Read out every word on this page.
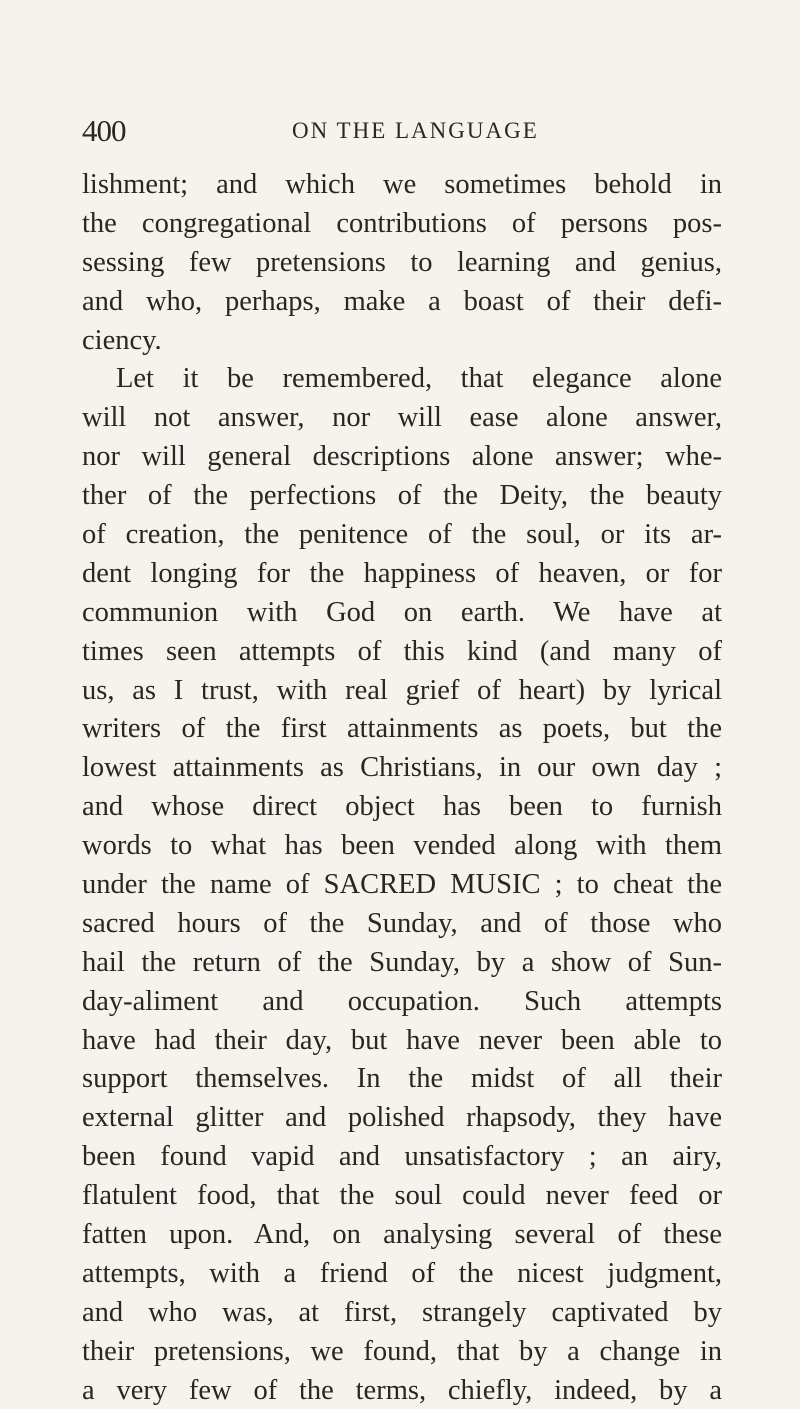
400	ON THE LANGUAGE
lishment; and which we sometimes behold in
the congregational contributions of persons pos-
sessing few pretensions to learning and genius,
and who, perhaps, make a boast of their defi-
ciency.
Let it be remembered, that elegance alone
will not answer, nor will ease alone answer,
nor will general descriptions alone answer; whe-
ther of the perfections of the Deity, the beauty
of creation, the penitence of the soul, or its ar-
dent longing for the happiness of heaven, or for
communion with God on earth. We have at
times seen attempts of this kind (and many of
us, as I trust, with real grief of heart) by lyrical
writers of the first attainments as poets, but the
lowest attainments as Christians, in our own day ;
and whose direct object has been to furnish
words to what has been vended along with them
under the name of SACRED MUSIC ; to cheat the
sacred hours of the Sunday, and of those who
hail the return of the Sunday, by a show of Sun-
day-aliment and occupation. Such attempts
have had their day, but have never been able to
support themselves. In the midst of all their
external glitter and polished rhapsody, they have
been found vapid and unsatisfactory ; an airy,
flatulent food, that the soul could never feed or
fatten upon. And, on analysing several of these
attempts, with a friend of the nicest judgment,
and who was, at first, strangely captivated by
their pretensions, we found, that by a change in
a very few of the terms, chiefly, indeed, by a
